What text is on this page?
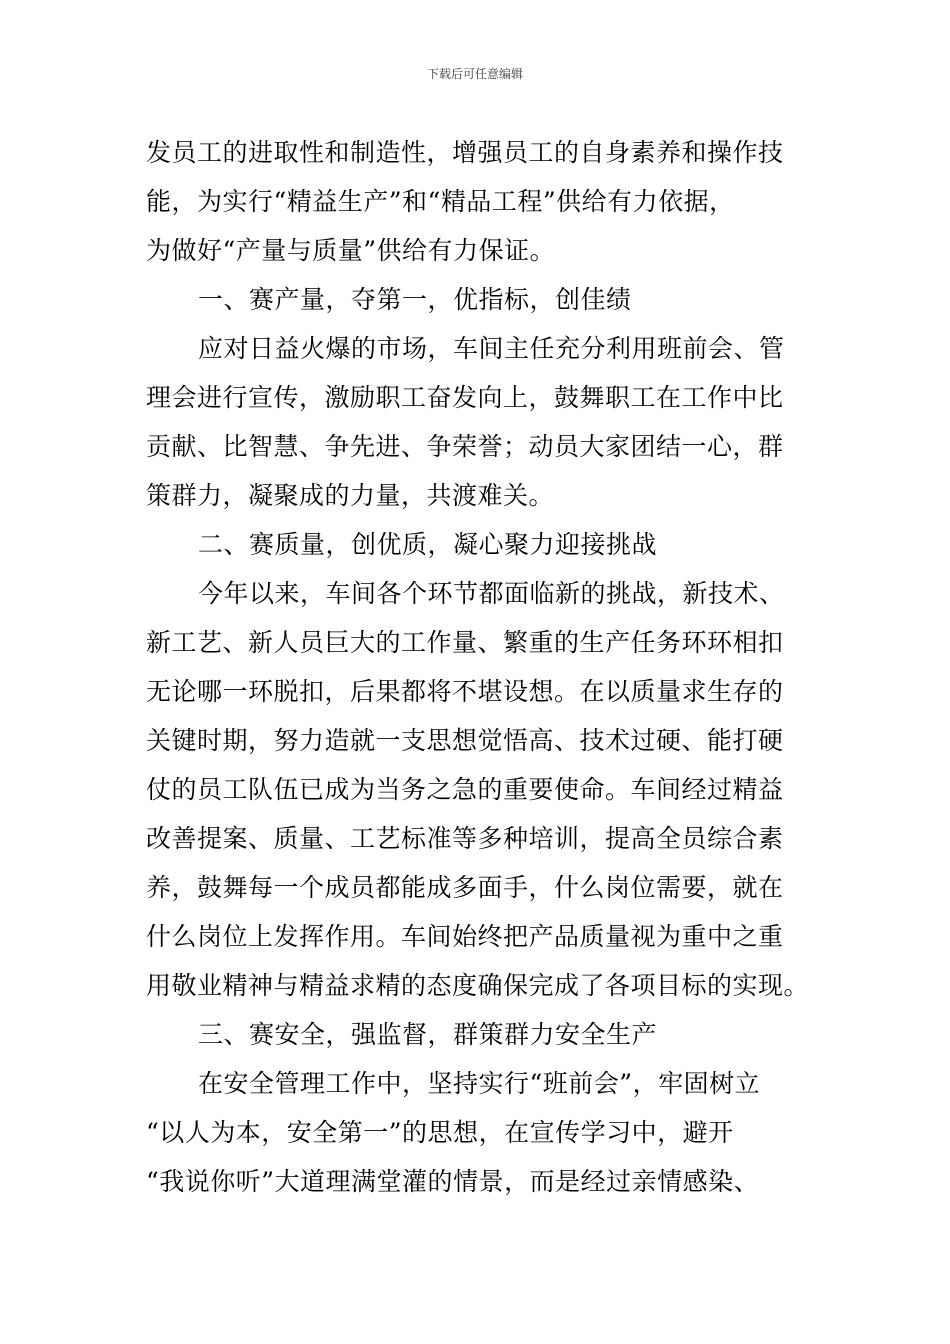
下载后可任意编辑
发员工的进取性和制造性，增强员工的自身素养和操作技
能，为实行“精益生产”和“精品工程”供给有力依据，
为做好“产量与质量”供给有力保证。
一、赛产量，夺第一，优指标，创佳绩
应对日益火爆的市场，车间主任充分利用班前会、管
理会进行宣传，激励职工奋发向上，鼓舞职工在工作中比
贡献、比智慧、争先进、争荣誉；动员大家团结一心，群
策群力，凝聚成的力量，共渡难关。
二、赛质量，创优质，凝心聚力迎接挑战
今年以来，车间各个环节都面临新的挑战，新技术、
新工艺、新人员巨大的工作量、繁重的生产任务环环相扣
无论哪一环脱扣，后果都将不堪设想。在以质量求生存的
关键时期，努力造就一支思想觉悟高、技术过硬、能打硬
仗的员工队伍已成为当务之急的重要使命。车间经过精益
改善提案、质量、工艺标准等多种培训，提高全员综合素
养，鼓舞每一个成员都能成多面手，什么岗位需要，就在
什么岗位上发挥作用。车间始终把产品质量视为重中之重
用敬业精神与精益求精的态度确保完成了各项目标的实现。
三、赛安全，强监督，群策群力安全生产
在安全管理工作中，坚持实行“班前会”，牢固树立
“以人为本，安全第一”的思想，在宣传学习中，避开
“我说你听”大道理满堂灌的情景，而是经过亲情感染、
